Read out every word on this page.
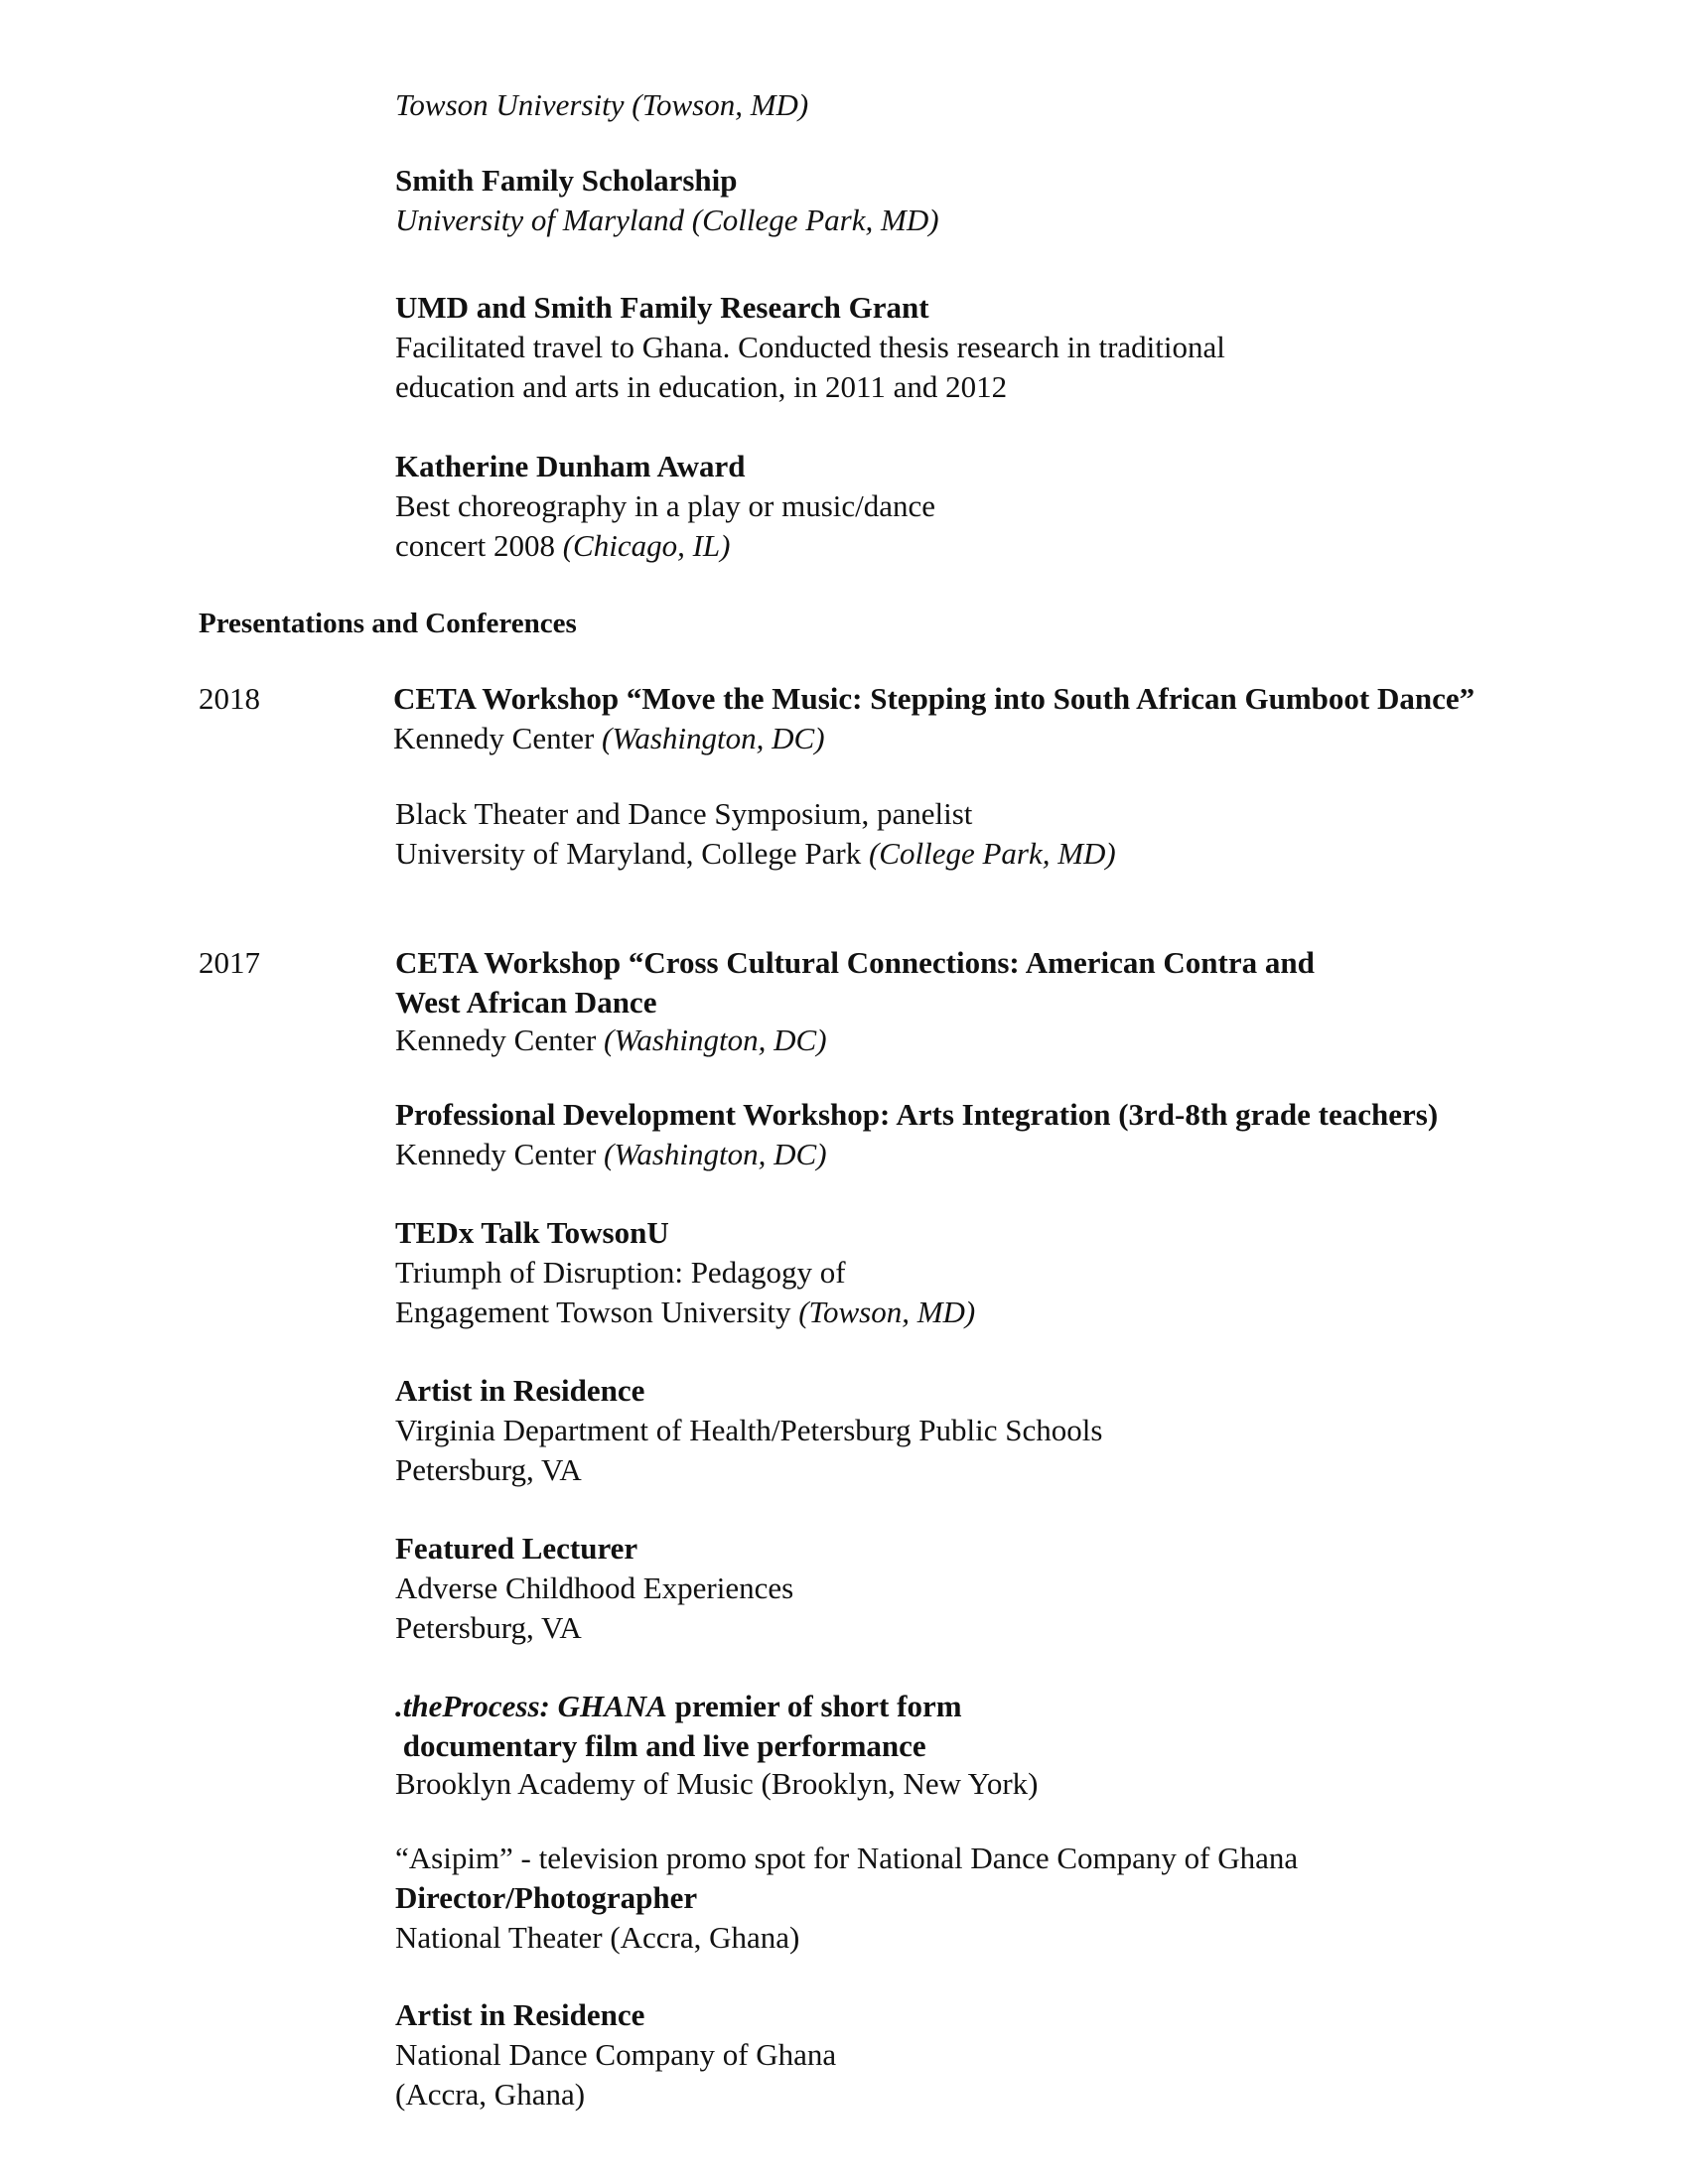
Towson University (Towson, MD)
Smith Family Scholarship
University of Maryland (College Park, MD)
UMD and Smith Family Research Grant
Facilitated travel to Ghana. Conducted thesis research in traditional
education and arts in education, in 2011 and 2012
Katherine Dunham Award
Best choreography in a play or music/dance
concert 2008 (Chicago, IL)
Presentations and Conferences
2018	CETA Workshop “Move the Music: Stepping into South African Gumboot Dance”
Kennedy Center (Washington, DC)
Black Theater and Dance Symposium, panelist
University of Maryland, College Park (College Park, MD)
2017	CETA Workshop “Cross Cultural Connections: American Contra and
West African Dance
Kennedy Center (Washington, DC)
Professional Development Workshop: Arts Integration (3rd-8th grade teachers)
Kennedy Center (Washington, DC)
TEDx Talk TowsonU
Triumph of Disruption: Pedagogy of
Engagement Towson University (Towson, MD)
Artist in Residence
Virginia Department of Health/Petersburg Public Schools
Petersburg, VA
Featured Lecturer
Adverse Childhood Experiences
Petersburg, VA
.theProcess: GHANA premier of short form
documentary film and live performance
Brooklyn Academy of Music (Brooklyn, New York)
“Asipim” - television promo spot for National Dance Company of Ghana
Director/Photographer
National Theater (Accra, Ghana)
Artist in Residence
National Dance Company of Ghana
(Accra, Ghana)
